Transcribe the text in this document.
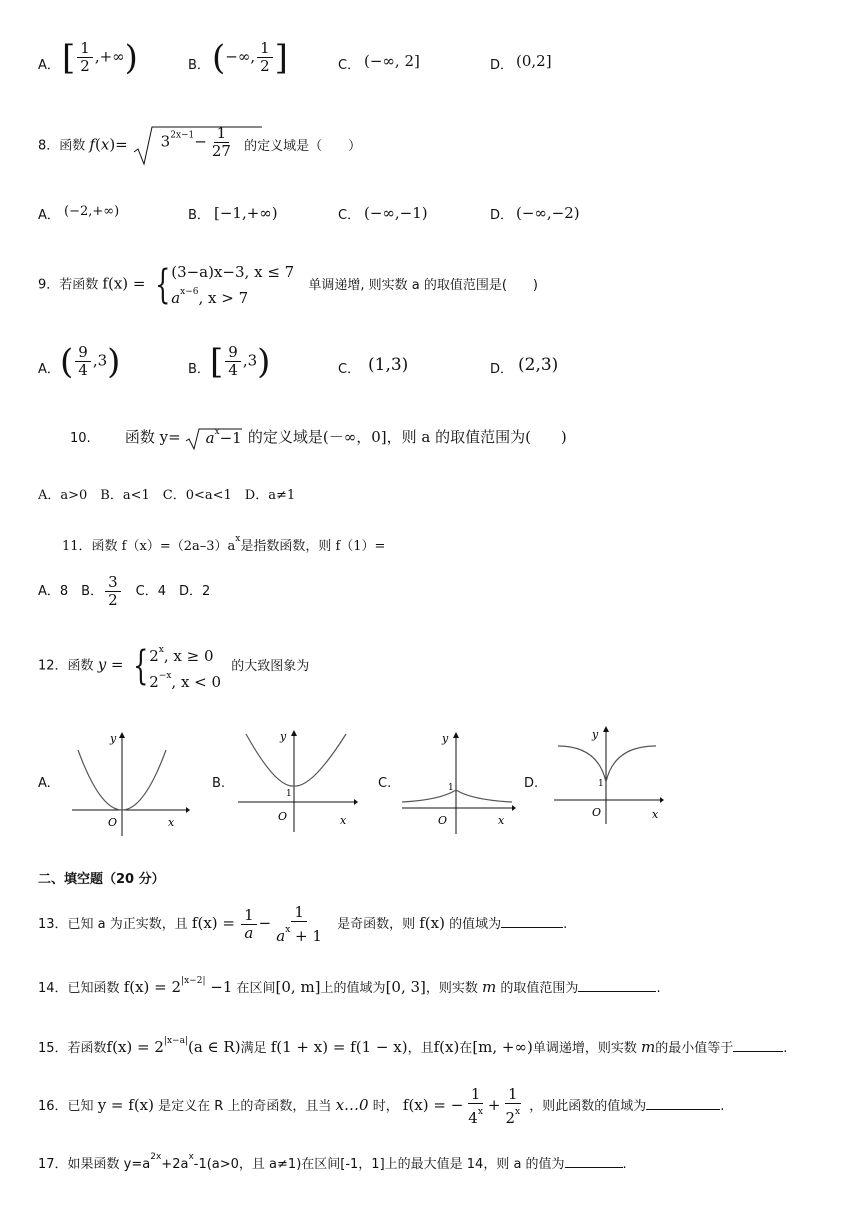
A． [ $\frac{1}{2}$ ,+∞)	B． (−∞, $\frac{1}{2}$ ]	C． (−∞, 2]	D． (0,2]
8．函数 $f(x)= 3^{2x-1}- \frac{1}{27}$ 的定义域是（　　）
A． (−2,+∞)	B． [−1,+∞)	C． (−∞,−1)	D． (−∞,−2)
9．若函数 f(x) = { (3−a)x−3, x ≤ 7
$a^{x-6}$, x > 7
单调递增, 则实数 a 的取值范围是(　　)
A． ( $\frac{9}{4} ,3$)	B． [ $\frac{9}{4} ,3$)	C． (1,3)	D． (2,3)
10. 函数 $y= a^x-1$ 的定义域是(－∞，0]，则 a 的取值范围为(　　)
A．a>0　B．a<1　C．0<a<1　D．a≠1
11．函数 $f(x)=(2a-3)a^x$是指数函数，则 f（1）=
A．8　B． $\frac{3}{2}$ 　C．4　D．2
12．函数 y = { 2$^x$, x ≥ 0
$2^{-x}$, x < 0
的大致图象为
A.
y
x
O
B.
y
x
O
1
C.
y
x
O
1	D.
y
x
O
1
二、填空题（20 分）
13．已知 a 为正实数，且 $f(x) = \frac{1}{a} - \frac{1}{a^x + 1}$ 是奇函数，则 f(x) 的值域为	.
14．已知函数 $f(x) = 2^{|x-2|} -1$ 在区间[0, m]上的值域为[0, 3]，则实数 m 的取值范围为	.
15．若函数$f(x) = 2^{|x-a|}(a$ ∈ R)满足 f(1 + x) = f(1 − x)，且f(x)在[m, +∞)单调递增，则实数 m的最小值等于	.
16．已知 y = f(x) 是定义在 R 上的奇函数，且当 x…0 时， f(x) = − $\frac{1}{4^x} + \frac{1}{2^x}$ ，则此函数的值域为	.
17．如果函数 $y=a^{2x}+2a^x-1(a>0$，且 a≠1)在区间[-1，1]上的最大值是 14，则 a 的值为	.
